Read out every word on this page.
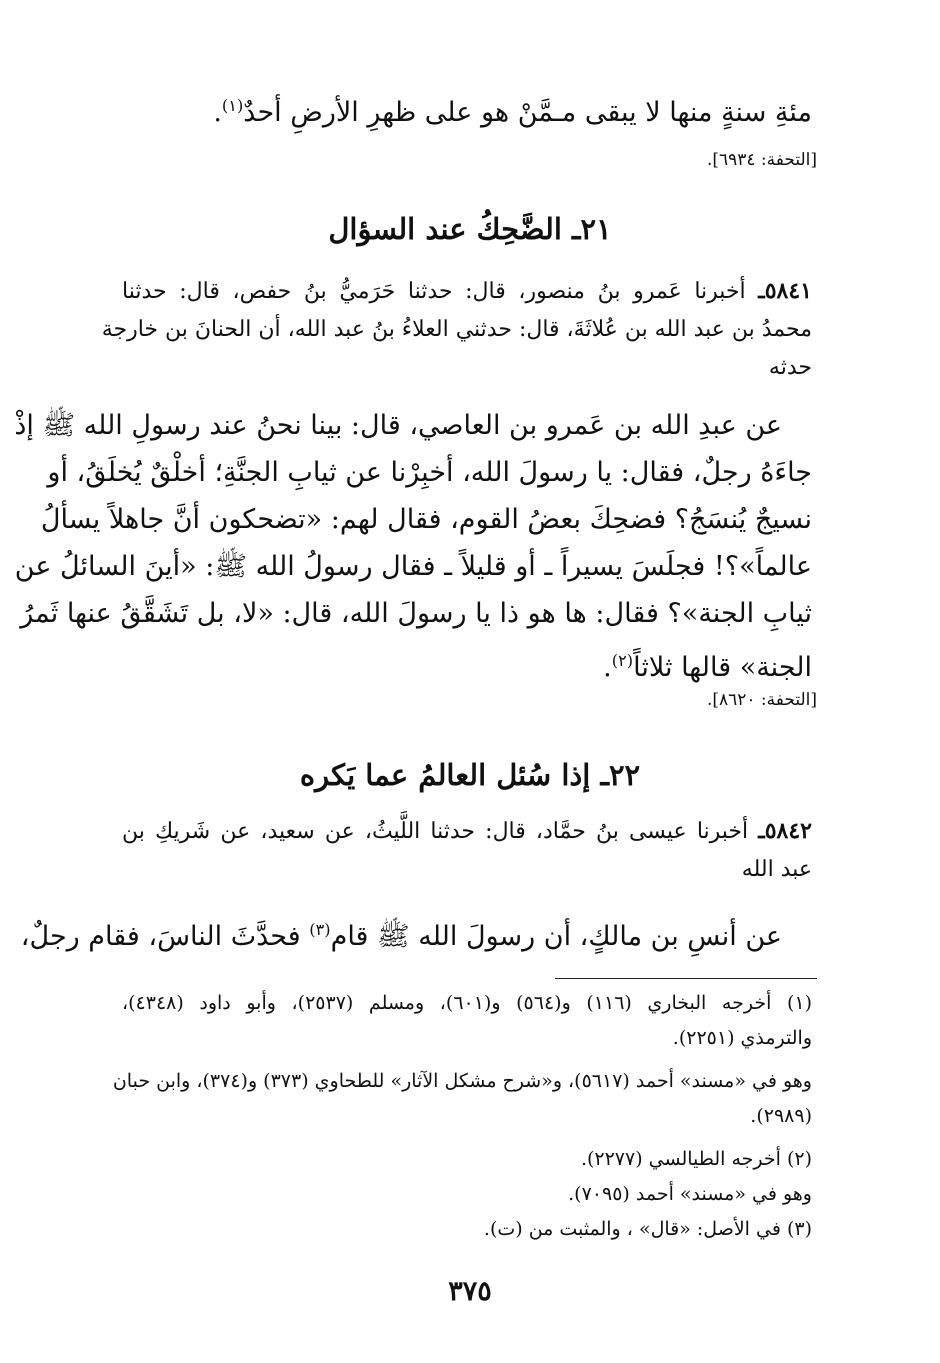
مئةِ سنةٍ منها لا يبقى مـمَّنْ هو على ظهرِ الأرضِ أحدٌ$^{(١)}$.
[التحفة: ٦٩٣٤].
٢١ـ الضَّحِكُ عند السؤال
٥٨٤١ـ أخبرنا عَمرو بنُ منصور، قال: حدثنا حَرَميُّ بنُ حفص، قال: حدثنا
محمدُ بن عبد الله بن عُلاثَةَ، قال: حدثني العلاءُ بنُ عبد الله، أن الحنانَ بن خارجة
حدثه
عن عبدِ الله بن عَمرو بن العاصي، قال: بينا نحنُ عند رسولِ الله ﷺ إذْ
جاءَهُ رجلٌ، فقال: يا رسولَ الله، أخبِرْنا عن ثيابِ الجنَّةِ؛ أخلْقٌ يُخلَقُ، أو
نسيجٌ يُنسَجُ؟ فضحِكَ بعضُ القوم، فقال لهم: «تضحكون أنَّ جاهلاً يسألُ
عالماً»؟! فجلَسَ يسيراً ـ أو قليلاً ـ فقال رسولُ الله ﷺ: «أينَ السائلُ عن
ثيابِ الجنة»؟ فقال: ها هو ذا يا رسولَ الله، قال: «لا، بل تَشَقَّقُ عنها ثَمرُ
الجنة» قالها ثلاثاً$^{(٢)}$.
[التحفة: ٨٦٢٠].
٢٢ـ إذا سُئل العالمُ عما يَكره
٥٨٤٢ـ أخبرنا عيسى بنُ حمَّاد، قال: حدثنا اللَّيثُ، عن سعيد، عن شَريكِ بن
عبد الله
عن أنسِ بن مالكٍ، أن رسولَ الله ﷺ قام$^{(٣)}$ فحدَّثَ الناسَ، فقام رجلٌ،
(١) أخرجه البخاري (١١٦) و(٥٦٤) و(٦٠١)، ومسلم (٢٥٣٧)، وأبو داود (٤٣٤٨)،
والترمذي (٢٢٥١).
وهو في «مسند» أحمد (٥٦١٧)، و«شرح مشكل الآثار» للطحاوي (٣٧٣) و(٣٧٤)، وابن حبان
(٢٩٨٩).
(٢) أخرجه الطيالسي (٢٢٧٧).
وهو في «مسند» أحمد (٧٠٩٥).
(٣) في الأصل: «قال» ، والمثبت من (ت).
٣٧٥
